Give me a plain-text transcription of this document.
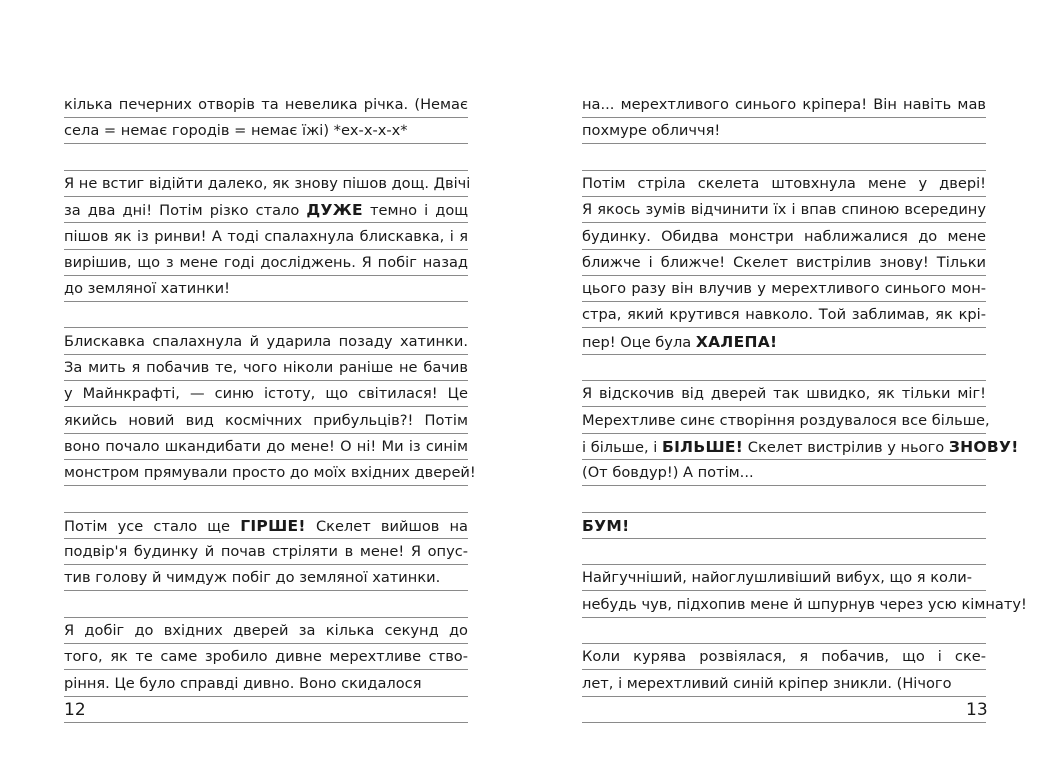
кілька печерних отворів та невелика річка. (Немає
села = немає городів = немає їжі) *ех-х-х-х*
Я не встиг відійти далеко, як знову пішов дощ. Двічі
за два дні! Потім різко стало ДУЖЕ темно і дощ
пішов як із ринви! А тоді спалахнула блискавка, і я
вирішив, що з мене годі досліджень. Я побіг назад
до земляної хатинки!
Блискавка спалахнула й ударила позаду хатинки.
За мить я побачив те, чого ніколи раніше не бачив
у Майнкрафті, — синю істоту, що світилася! Це
якийсь новий вид космічних прибульців?! Потім
воно почало шкандибати до мене! О ні! Ми із синім
монстром прямували просто до моїх вхідних дверей!
Потім усе стало ще ГІРШЕ! Скелет вийшов на
подвір'я будинку й почав стріляти в мене! Я опус-
тив голову й чимдуж побіг до земляної хатинки.
Я добіг до вхідних дверей за кілька секунд до
того, як те саме зробило дивне мерехтливе ство-
ріння. Це було справді дивно. Воно скидалося
12
на... мерехтливого синього кріпера! Він навіть мав
похмуре обличчя!
Потім стріла скелета штовхнула мене у двері!
Я якось зумів відчинити їх і впав спиною всередину
будинку. Обидва монстри наближалися до мене
ближче і ближче! Скелет вистрілив знову! Тільки
цього разу він влучив у мерехтливого синього мон-
стра, який крутився навколо. Той заблимав, як крі-
пер! Оце була ХАЛЕПА!
Я відскочив від дверей так швидко, як тільки міг!
Мерехтливе синє створіння роздувалося все більше,
і більше, і БІЛЬШЕ! Скелет вистрілив у нього ЗНОВУ!
(От бовдур!) А потім...
БУМ!
Найгучніший, найоглушливіший вибух, що я коли-
небудь чув, підхопив мене й шпурнув через усю кімнату!
Коли курява розвіялася, я побачив, що і ске-
лет, і мерехтливий синій кріпер зникли. (Нічого
13
